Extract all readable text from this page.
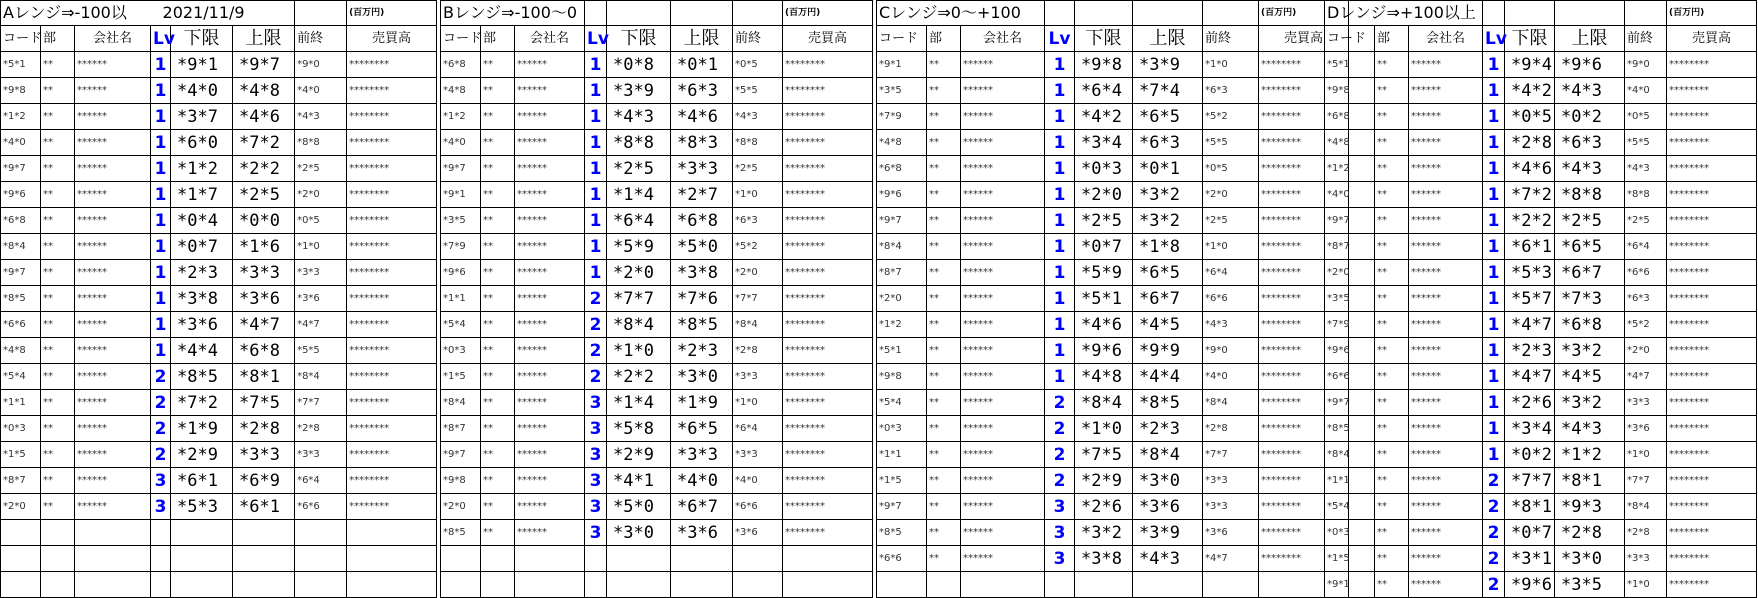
Aレンジ⇒-100以			2021/11/9				(百万円)
コード	部	会社名	Lv	下限	上限	前終	売買高
*5*1	**	******	1	*9*1	*9*7	*9*0	********
*9*8	**	******	1	*4*0	*4*8	*4*0	********
*1*2	**	******	1	*3*7	*4*6	*4*3	********
*4*0	**	******	1	*6*0	*7*2	*8*8	********
*9*7	**	******	1	*1*2	*2*2	*2*5	********
*9*6	**	******	1	*1*7	*2*5	*2*0	********
*6*8	**	******	1	*0*4	*0*0	*0*5	********
*8*4	**	******	1	*0*7	*1*6	*1*0	********
*9*7	**	******	1	*2*3	*3*3	*3*3	********
*8*5	**	******	1	*3*8	*3*6	*3*6	********
*6*6	**	******	1	*3*6	*4*7	*4*7	********
*4*8	**	******	1	*4*4	*6*8	*5*5	********
*5*4	**	******	2	*8*5	*8*1	*8*4	********
*1*1	**	******	2	*7*2	*7*5	*7*7	********
*0*3	**	******	2	*1*9	*2*8	*2*8	********
*1*5	**	******	2	*2*9	*3*3	*3*3	********
*8*7	**	******	3	*6*1	*6*9	*6*4	********
*2*0	**	******	3	*5*3	*6*1	*6*6	********

Bレンジ⇒-100～0							(百万円)
コード	部	会社名	Lv	下限	上限	前終	売買高
*6*8	**	******	1	*0*8	*0*1	*0*5	********
*4*8	**	******	1	*3*9	*6*3	*5*5	********
*1*2	**	******	1	*4*3	*4*6	*4*3	********
*4*0	**	******	1	*8*8	*8*3	*8*8	********
*9*7	**	******	1	*2*5	*3*3	*2*5	********
*9*1	**	******	1	*1*4	*2*7	*1*0	********
*3*5	**	******	1	*6*4	*6*8	*6*3	********
*7*9	**	******	1	*5*9	*5*0	*5*2	********
*9*6	**	******	1	*2*0	*3*8	*2*0	********
*1*1	**	******	2	*7*7	*7*6	*7*7	********
*5*4	**	******	2	*8*4	*8*5	*8*4	********
*0*3	**	******	2	*1*0	*2*3	*2*8	********
*1*5	**	******	2	*2*2	*3*0	*3*3	********
*8*4	**	******	3	*1*4	*1*9	*1*0	********
*8*7	**	******	3	*5*8	*6*5	*6*4	********
*9*7	**	******	3	*2*9	*3*3	*3*3	********
*9*8	**	******	3	*4*1	*4*0	*4*0	********
*2*0	**	******	3	*5*0	*6*7	*6*6	********
*8*5	**	******	3	*3*0	*3*6	*3*6	********

Cレンジ⇒0～+100							(百万円)
コード	部	会社名	Lv	下限	上限	前終	売買高
*9*1	**	******	1	*9*8	*3*9	*1*0	********
*3*5	**	******	1	*6*4	*7*4	*6*3	********
*7*9	**	******	1	*4*2	*6*5	*5*2	********
*4*8	**	******	1	*3*4	*6*3	*5*5	********
*6*8	**	******	1	*0*3	*0*1	*0*5	********
*9*6	**	******	1	*2*0	*3*2	*2*0	********
*9*7	**	******	1	*2*5	*3*2	*2*5	********
*8*4	**	******	1	*0*7	*1*8	*1*0	********
*8*7	**	******	1	*5*9	*6*5	*6*4	********
*2*0	**	******	1	*5*1	*6*7	*6*6	********
*1*2	**	******	1	*4*6	*4*5	*4*3	********
*5*1	**	******	1	*9*6	*9*9	*9*0	********
*9*8	**	******	1	*4*8	*4*4	*4*0	********
*5*4	**	******	2	*8*4	*8*5	*8*4	********
*0*3	**	******	2	*1*0	*2*3	*2*8	********
*1*1	**	******	2	*7*5	*8*4	*7*7	********
*1*5	**	******	2	*2*9	*3*0	*3*3	********
*9*7	**	******	3	*2*6	*3*6	*3*3	********
*8*5	**	******	3	*3*2	*3*9	*3*6	********
*6*6	**	******	3	*3*8	*4*3	*4*7	********

Dレンジ⇒+100以上							(百万円)
コード	部	会社名	Lv	下限	上限	前終	売買高
*5*1	**	******	1	*9*4	*9*6	*9*0	********
*9*8	**	******	1	*4*2	*4*3	*4*0	********
*6*8	**	******	1	*0*5	*0*2	*0*5	********
*4*8	**	******	1	*2*8	*6*3	*5*5	********
*1*2	**	******	1	*4*6	*4*3	*4*3	********
*4*0	**	******	1	*7*2	*8*8	*8*8	********
*9*7	**	******	1	*2*2	*2*5	*2*5	********
*8*7	**	******	1	*6*1	*6*5	*6*4	********
*2*0	**	******	1	*5*3	*6*7	*6*6	********
*3*5	**	******	1	*5*7	*7*3	*6*3	********
*7*9	**	******	1	*4*7	*6*8	*5*2	********
*9*6	**	******	1	*2*3	*3*2	*2*0	********
*6*6	**	******	1	*4*7	*4*5	*4*7	********
*9*7	**	******	1	*2*6	*3*2	*3*3	********
*8*5	**	******	1	*3*4	*4*3	*3*6	********
*8*4	**	******	1	*0*2	*1*2	*1*0	********
*1*1	**	******	2	*7*7	*8*1	*7*7	********
*5*4	**	******	2	*8*1	*9*3	*8*4	********
*0*3	**	******	2	*0*7	*2*8	*2*8	********
*1*5	**	******	2	*3*1	*3*0	*3*3	********
*9*1	**	******	2	*9*6	*3*5	*1*0	********
